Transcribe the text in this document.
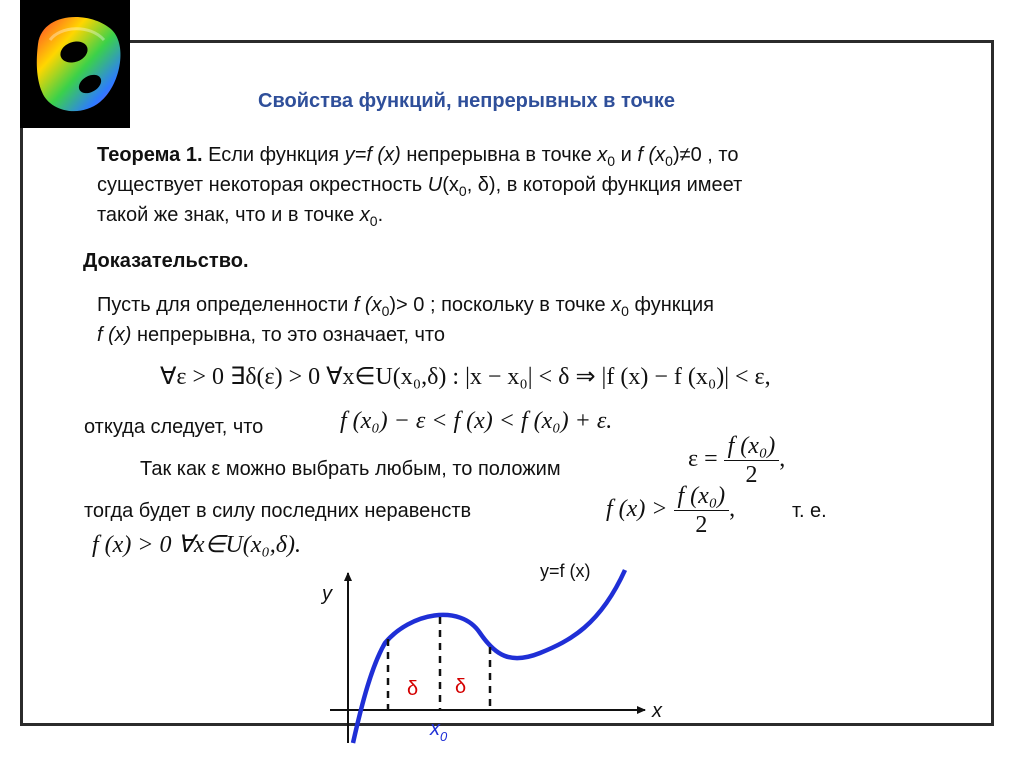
Свойства функций, непрерывных в точке
Теорема 1. Если функция y=f (x) непрерывна в точке $x_0$ и f $(x_0)\ne 0$ , то
существует некоторая окрестность $U(x_0$, δ), в которой функция имеет
такой же знак, что и в точке $x_0$.
Доказательство.
Пусть для определенности f $(x_0)> 0$ ; поскольку в точке $x_0$ функция
f (x) непрерывна, то это означает, что
∀ε > 0 ∃δ(ε) > 0 ∀x∈U(x₀,δ) : |x − x₀| < δ ⇒ |f (x) − f (x₀)| < ε,
откуда следует, что	f (x₀) − ε < f (x) < f (x₀) + ε.
Так как ε можно выбрать любым, то положим	$\varepsilon = \frac{\text{f (x₀)}}{2}$ ,
тогда будет в силу последних неравенств	f $(x) > \frac{\text{f (x₀)}}{2}$ ,	т. е.
f (x) > 0 ∀x∈U(x₀,δ).
y
x
y=f (x)
δ δ
$x_0$
